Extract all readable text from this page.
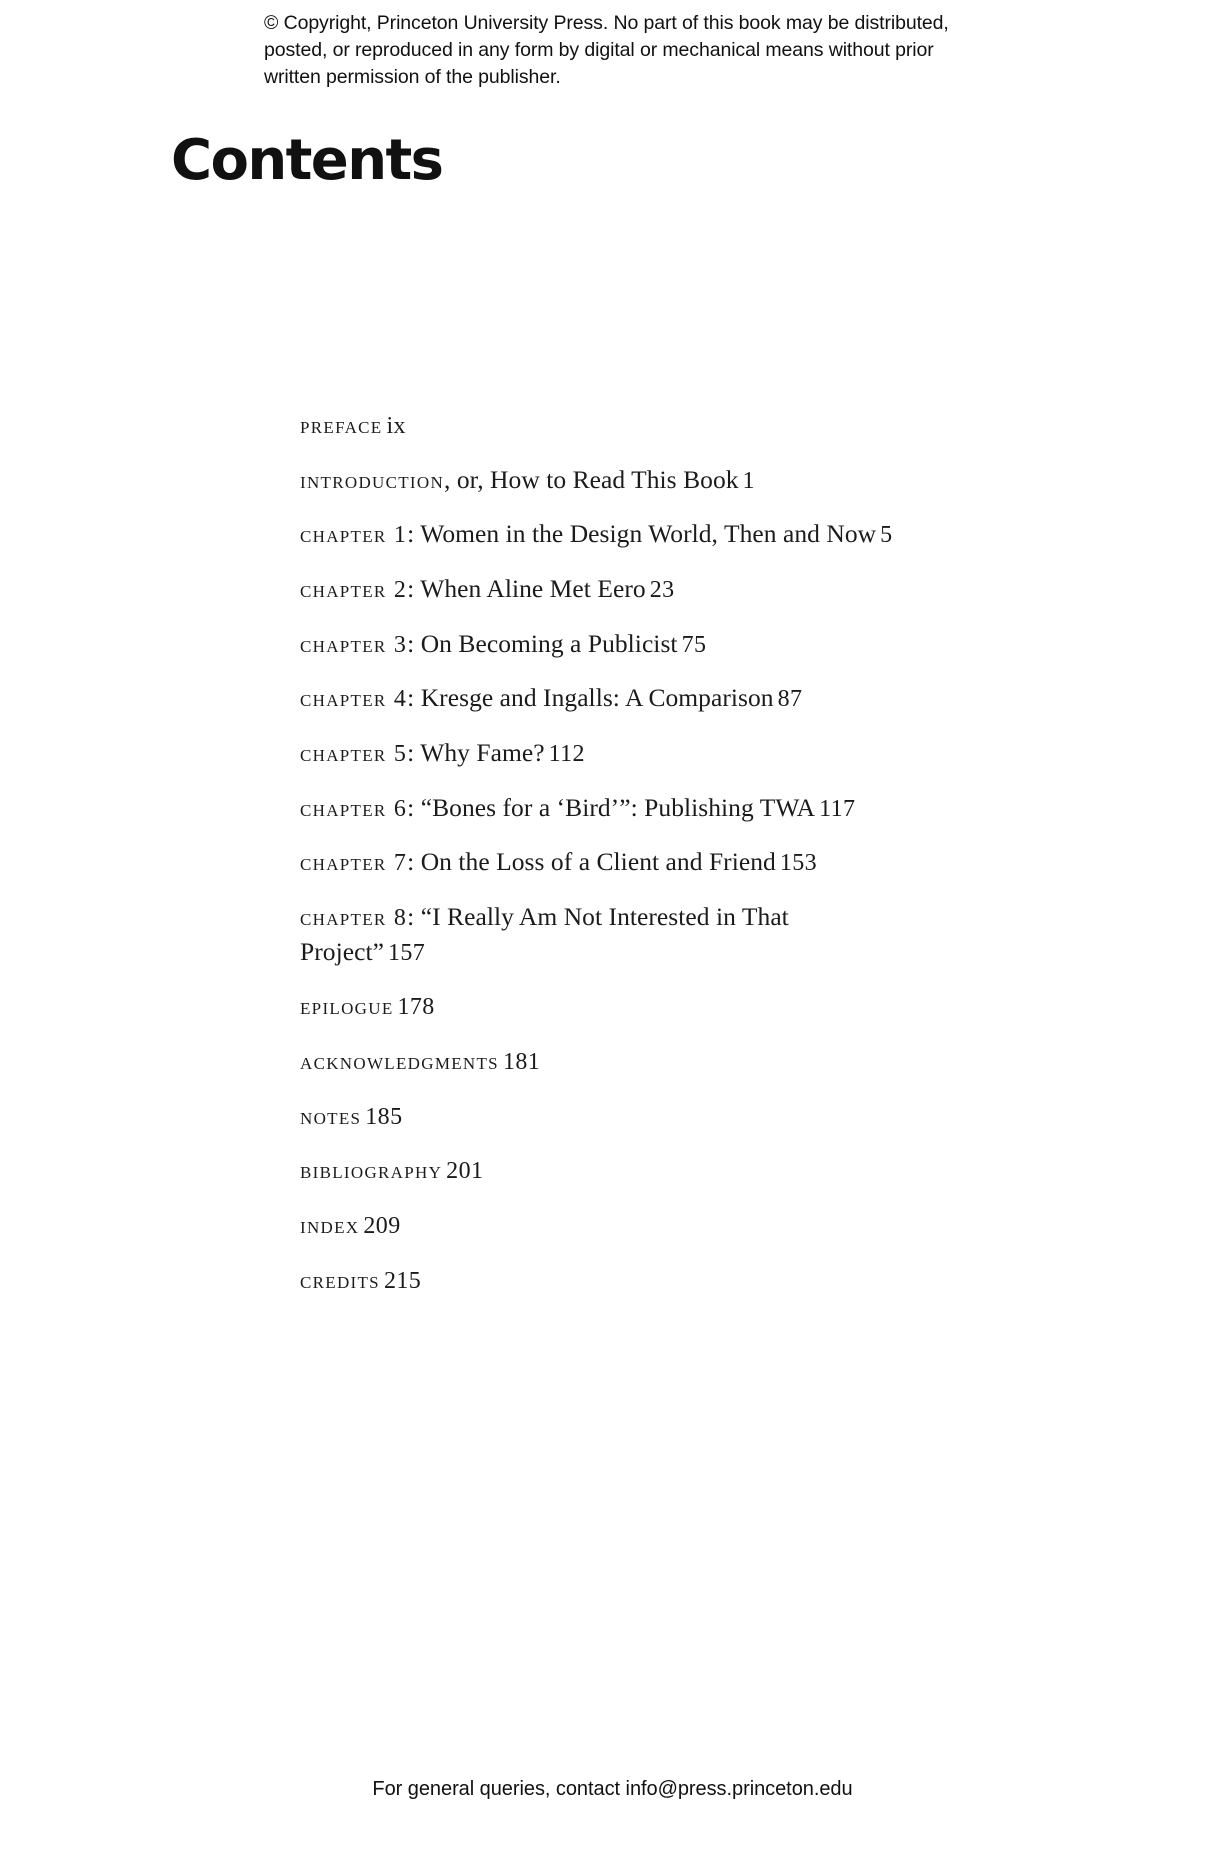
© Copyright, Princeton University Press. No part of this book may be distributed, posted, or reproduced in any form by digital or mechanical means without prior written permission of the publisher.
Contents
preface ix
introduction, or, How to Read This Book 1
chapter 1: Women in the Design World, Then and Now 5
chapter 2: When Aline Met Eero 23
chapter 3: On Becoming a Publicist 75
chapter 4: Kresge and Ingalls: A Comparison 87
chapter 5: Why Fame? 112
chapter 6: “Bones for a ‘Bird’”: Publishing TWA 117
chapter 7: On the Loss of a Client and Friend 153
chapter 8: “I Really Am Not Interested in That Project” 157
epilogue 178
acknowledgments 181
notes 185
bibliography 201
index 209
credits 215
For general queries, contact info@press.princeton.edu
